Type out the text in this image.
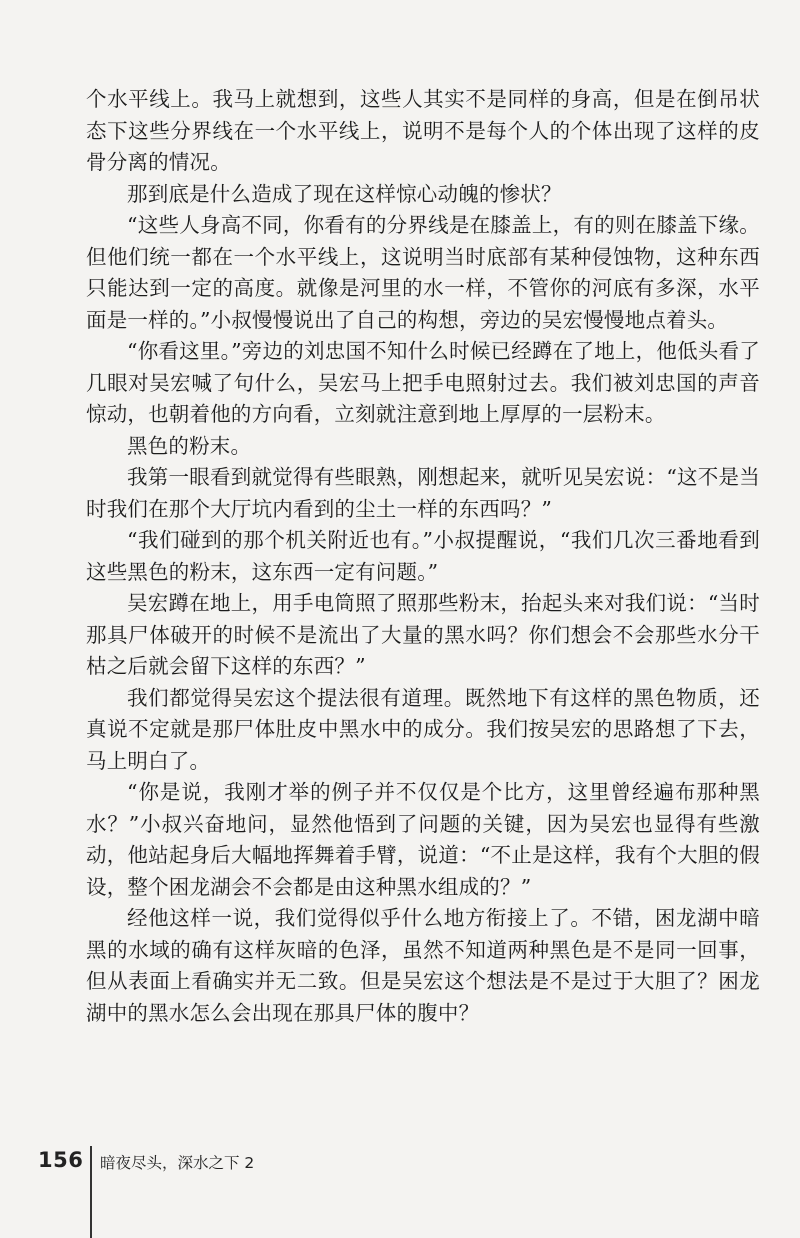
个水平线上。我马上就想到，这些人其实不是同样的身高，但是在倒吊状态下这些分界线在一个水平线上，说明不是每个人的个体出现了这样的皮骨分离的情况。

那到底是什么造成了现在这样惊心动魄的惨状？

“这些人身高不同，你看有的分界线是在膝盖上，有的则在膝盖下缘。但他们统一都在一个水平线上，这说明当时底部有某种侵蚀物，这种东西只能达到一定的高度。就像是河里的水一样，不管你的河底有多深，水平面是一样的。”小叔慢慢说出了自己的构想，旁边的吴宏慢慢地点着头。

“你看这里。”旁边的刘忠国不知什么时候已经蹲在了地上，他低头看了几眼对吴宏喊了句什么，吴宏马上把手电照射过去。我们被刘忠国的声音惊动，也朝着他的方向看，立刻就注意到地上厚厚的一层粉末。

黑色的粉末。

我第一眼看到就觉得有些眼熟，刚想起来，就听见吴宏说：“这不是当时我们在那个大厅坑内看到的尘土一样的东西吗？”

“我们碰到的那个机关附近也有。”小叔提醒说，“我们几次三番地看到这些黑色的粉末，这东西一定有问题。”

吴宏蹲在地上，用手电筒照了照那些粉末，抬起头来对我们说：“当时那具尸体破开的时候不是流出了大量的黑水吗？你们想会不会那些水分干枯之后就会留下这样的东西？”

我们都觉得吴宏这个提法很有道理。既然地下有这样的黑色物质，还真说不定就是那尸体肚皮中黑水中的成分。我们按吴宏的思路想了下去，马上明白了。

“你是说，我刚才举的例子并不仅仅是个比方，这里曾经遍布那种黑水？”小叔兴奋地问，显然他悟到了问题的关键，因为吴宏也显得有些激动，他站起身后大幅地挥舞着手臂，说道：“不止是这样，我有个大胆的假设，整个困龙湖会不会都是由这种黑水组成的？”

经他这样一说，我们觉得似乎什么地方衔接上了。不错，困龙湖中暗黑的水域的确有这样灰暗的色泽，虽然不知道两种黑色是不是同一回事，但从表面上看确实并无二致。但是吴宏这个想法是不是过于大胆了？困龙湖中的黑水怎么会出现在那具尸体的腹中？

156 暗夜尽头，深水之下 2
